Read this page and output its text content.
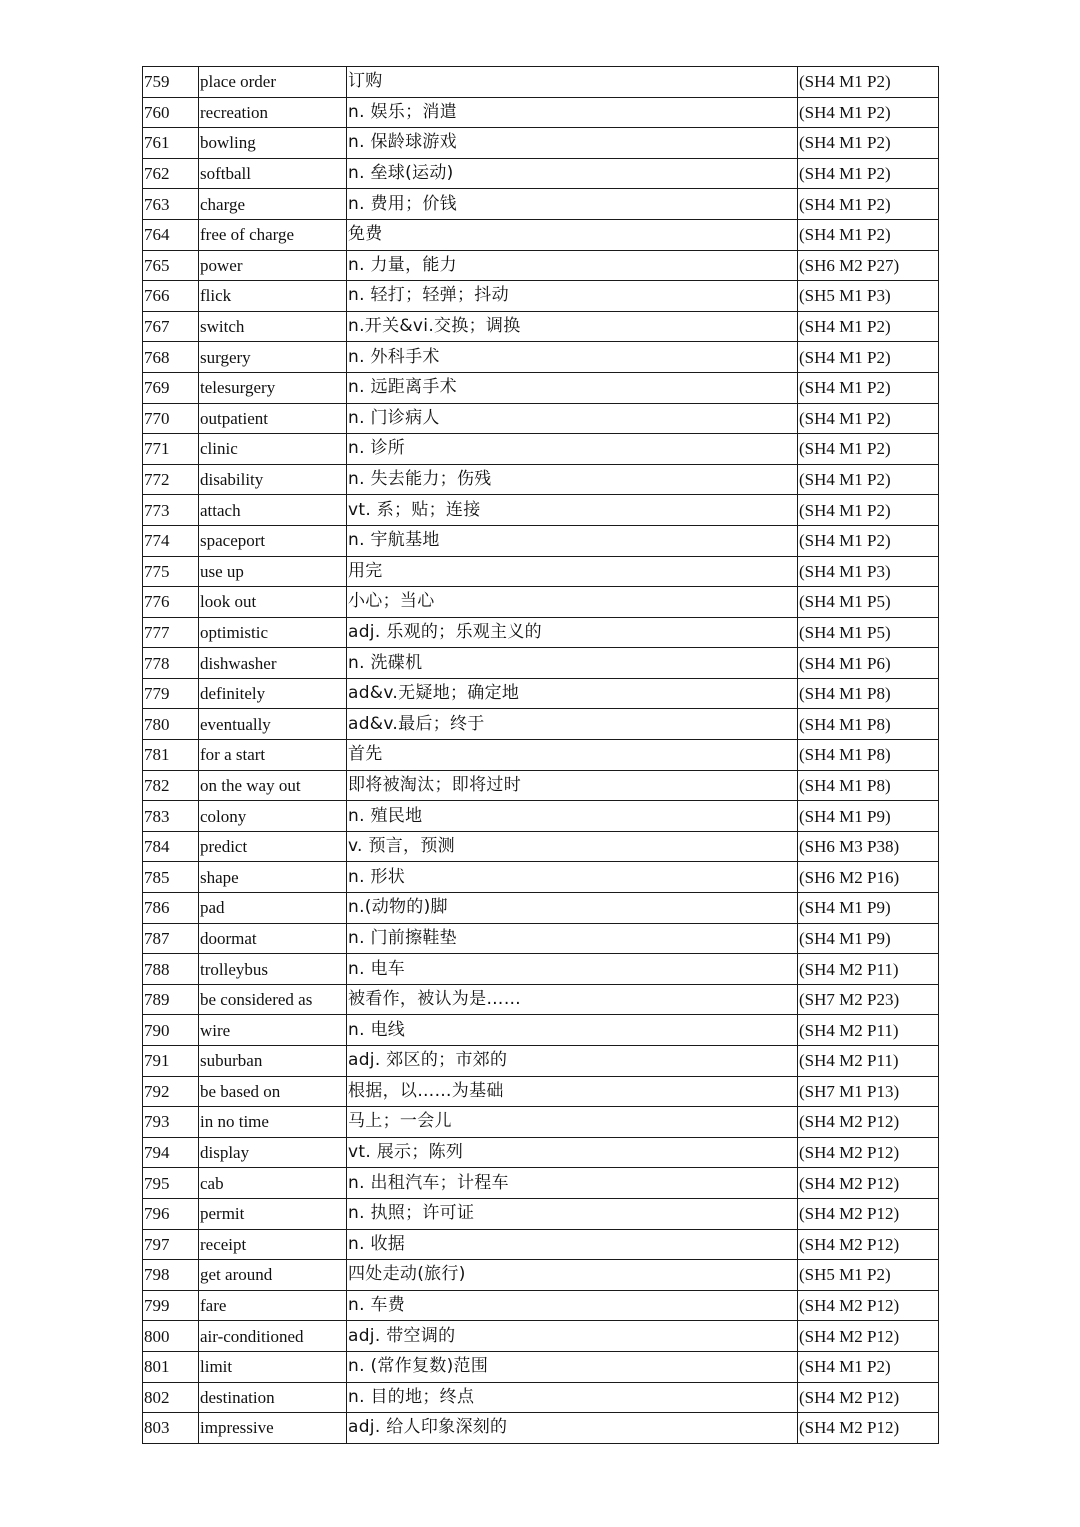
759	place order	订购	(SH4 M1 P2)
760	recreation	n. 娱乐；消遣	(SH4 M1 P2)
761	bowling	n. 保龄球游戏	(SH4 M1 P2)
762	softball	n. 垒球(运动)	(SH4 M1 P2)
763	charge	n. 费用；价钱	(SH4 M1 P2)
764	free of charge	免费	(SH4 M1 P2)
765	power	n. 力量，能力	(SH6 M2 P27)
766	flick	n. 轻打；轻弹；抖动	(SH5 M1 P3)
767	switch	n.开关&vi.交换；调换	(SH4 M1 P2)
768	surgery	n. 外科手术	(SH4 M1 P2)
769	telesurgery	n. 远距离手术	(SH4 M1 P2)
770	outpatient	n. 门诊病人	(SH4 M1 P2)
771	clinic	n. 诊所	(SH4 M1 P2)
772	disability	n. 失去能力；伤残	(SH4 M1 P2)
773	attach	vt. 系；贴；连接	(SH4 M1 P2)
774	spaceport	n. 宇航基地	(SH4 M1 P2)
775	use up	用完	(SH4 M1 P3)
776	look out	小心；当心	(SH4 M1 P5)
777	optimistic	adj. 乐观的；乐观主义的	(SH4 M1 P5)
778	dishwasher	n. 洗碟机	(SH4 M1 P6)
779	definitely	ad&v.无疑地；确定地	(SH4 M1 P8)
780	eventually	ad&v.最后；终于	(SH4 M1 P8)
781	for a start	首先	(SH4 M1 P8)
782	on the way out	即将被淘汰；即将过时	(SH4 M1 P8)
783	colony	n. 殖民地	(SH4 M1 P9)
784	predict	v. 预言，预测	(SH6 M3 P38)
785	shape	n. 形状	(SH6 M2 P16)
786	pad	n.(动物的)脚	(SH4 M1 P9)
787	doormat	n. 门前擦鞋垫	(SH4 M1 P9)
788	trolleybus	n. 电车	(SH4 M2 P11)
789	be considered as	被看作，被认为是……	(SH7 M2 P23)
790	wire	n. 电线	(SH4 M2 P11)
791	suburban	adj. 郊区的；市郊的	(SH4 M2 P11)
792	be based on	根据，以……为基础	(SH7 M1 P13)
793	in no time	马上；一会儿	(SH4 M2 P12)
794	display	vt. 展示；陈列	(SH4 M2 P12)
795	cab	n. 出租汽车；计程车	(SH4 M2 P12)
796	permit	n. 执照；许可证	(SH4 M2 P12)
797	receipt	n. 收据	(SH4 M2 P12)
798	get around	四处走动(旅行)	(SH5 M1 P2)
799	fare	n. 车费	(SH4 M2 P12)
800	air-conditioned	adj. 带空调的	(SH4 M2 P12)
801	limit	n. (常作复数)范围	(SH4 M1 P2)
802	destination	n. 目的地；终点	(SH4 M2 P12)
803	impressive	adj. 给人印象深刻的	(SH4 M2 P12)
